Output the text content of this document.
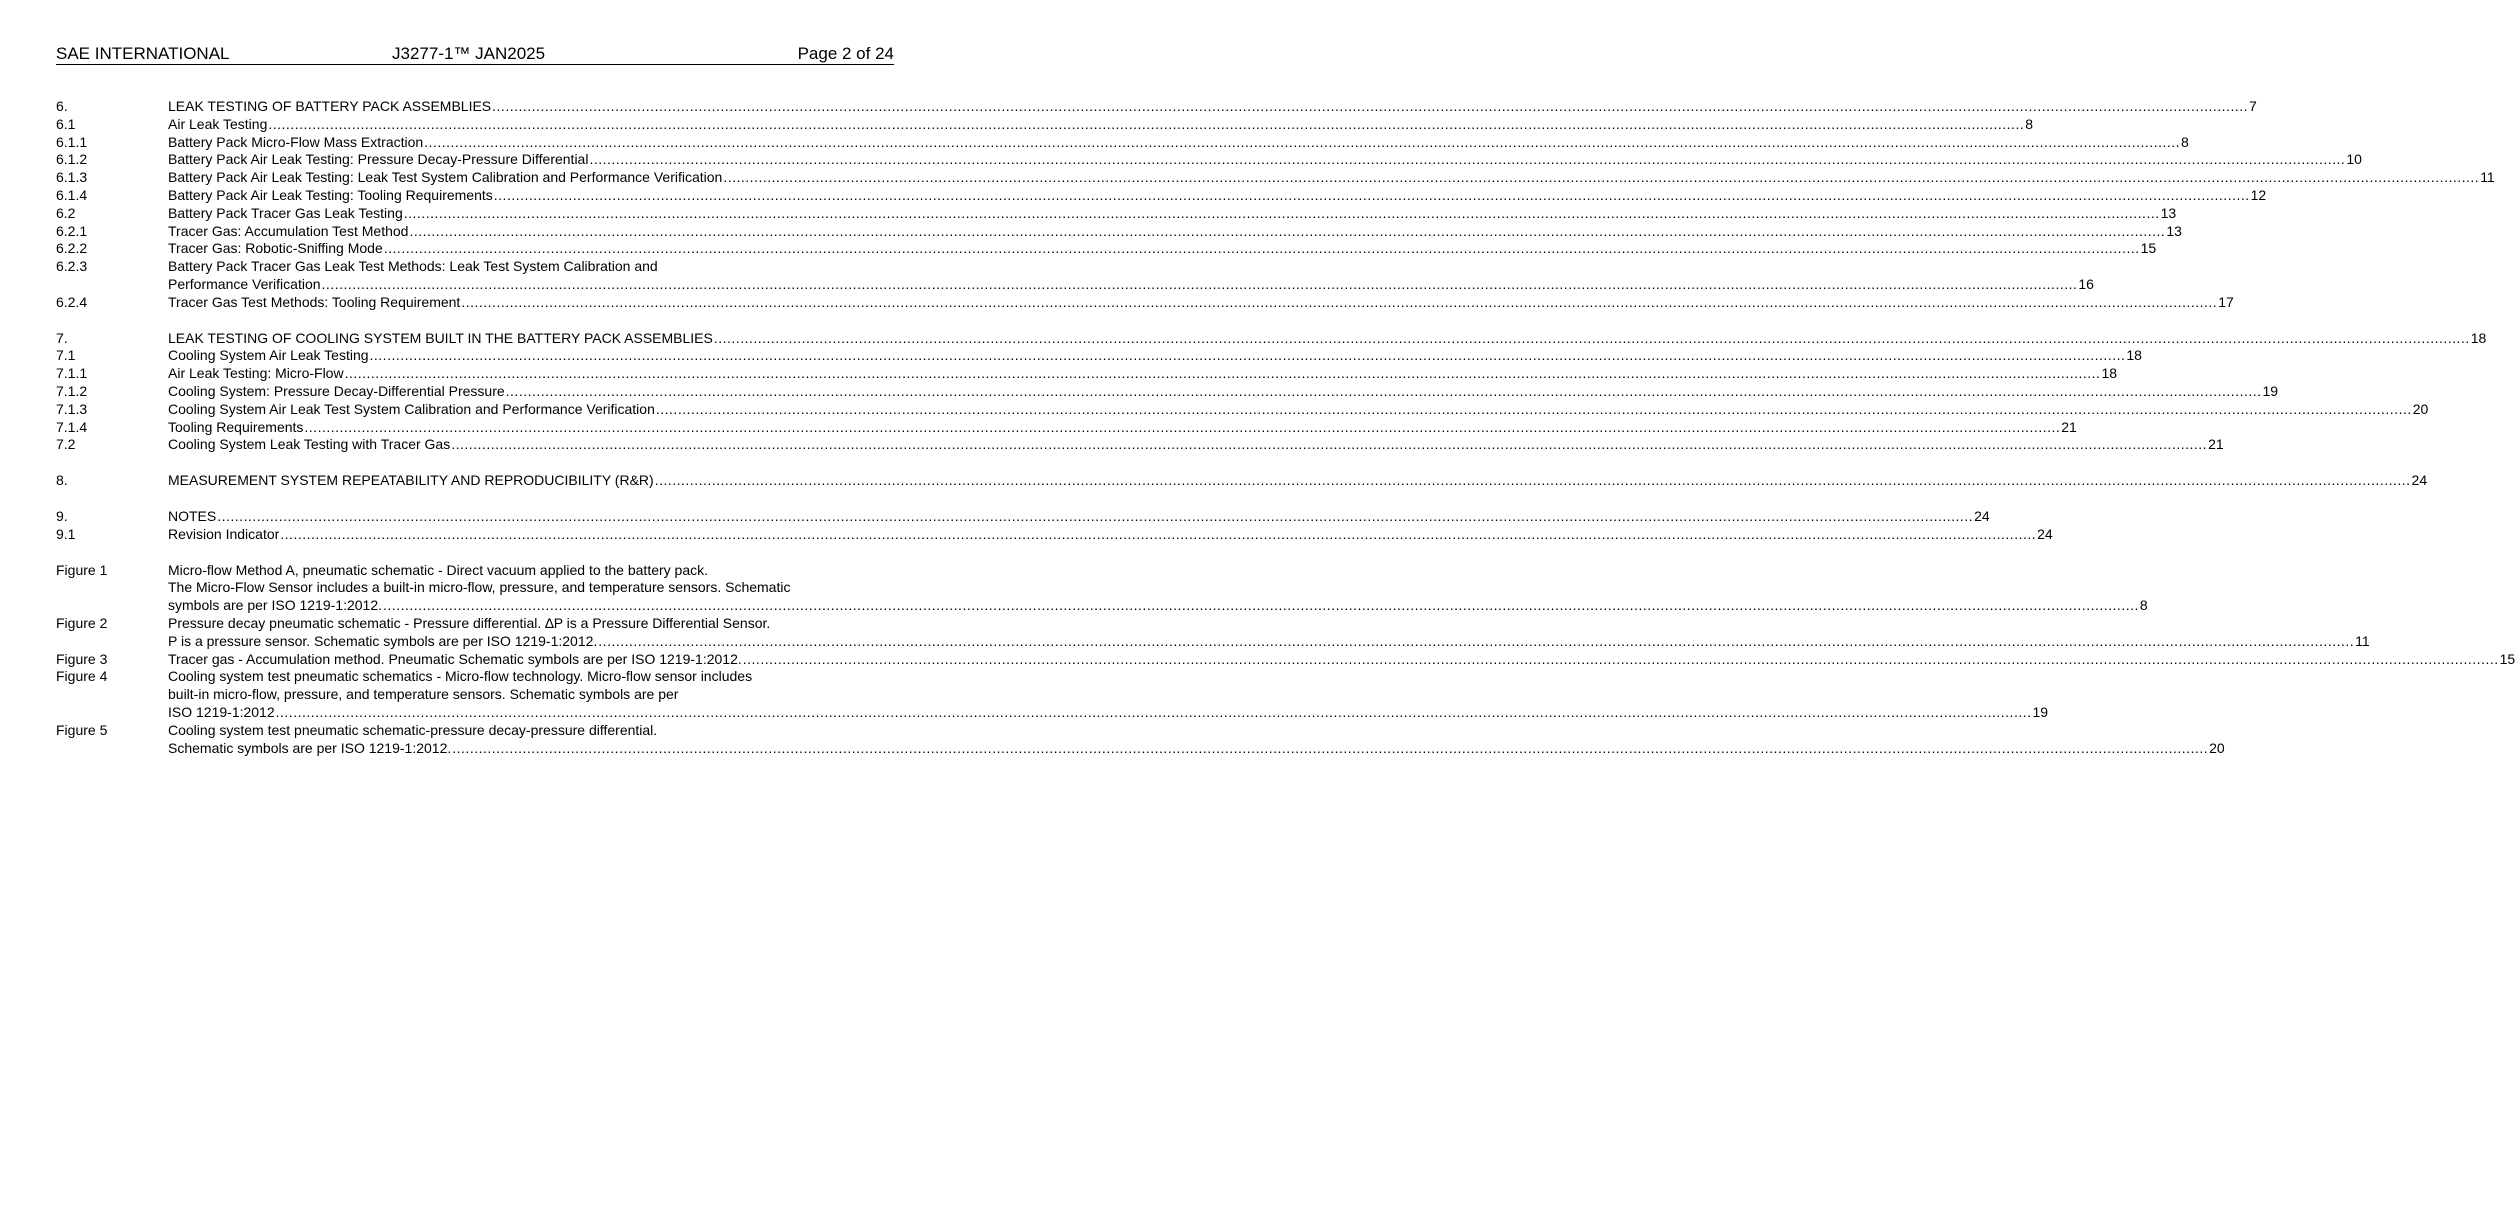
SAE INTERNATIONAL	J3277-1™ JAN2025	Page 2 of 24
6.	LEAK TESTING OF BATTERY PACK ASSEMBLIES ................................................................................................................................................................................................................................................................................................................................................................................................................ 7
6.1	Air Leak Testing ................................................................................................................................................................................................................................................................................................................................................................................................................ 8
6.1.1	Battery Pack Micro-Flow Mass Extraction ................................................................................................................................................................................................................................................................................................................................................................................................................ 8
6.1.2	Battery Pack Air Leak Testing: Pressure Decay-Pressure Differential ................................................................................................................................................................................................................................................................................................................................................................................................................ 10
6.1.3	Battery Pack Air Leak Testing: Leak Test System Calibration and Performance Verification ................................................................................................................................................................................................................................................................................................................................................................................................................ 11
6.1.4	Battery Pack Air Leak Testing: Tooling Requirements ................................................................................................................................................................................................................................................................................................................................................................................................................ 12
6.2	Battery Pack Tracer Gas Leak Testing ................................................................................................................................................................................................................................................................................................................................................................................................................ 13
6.2.1	Tracer Gas: Accumulation Test Method ................................................................................................................................................................................................................................................................................................................................................................................................................ 13
6.2.2	Tracer Gas: Robotic-Sniffing Mode ................................................................................................................................................................................................................................................................................................................................................................................................................ 15
6.2.3	Battery Pack Tracer Gas Leak Test Methods: Leak Test System Calibration and
Performance Verification ................................................................................................................................................................................................................................................................................................................................................................................................................ 16
6.2.4	Tracer Gas Test Methods: Tooling Requirement ................................................................................................................................................................................................................................................................................................................................................................................................................ 17
7.	LEAK TESTING OF COOLING SYSTEM BUILT IN THE BATTERY PACK ASSEMBLIES ................................................................................................................................................................................................................................................................................................................................................................................................................ 18
7.1	Cooling System Air Leak Testing ................................................................................................................................................................................................................................................................................................................................................................................................................ 18
7.1.1	Air Leak Testing: Micro-Flow ................................................................................................................................................................................................................................................................................................................................................................................................................ 18
7.1.2	Cooling System: Pressure Decay-Differential Pressure ................................................................................................................................................................................................................................................................................................................................................................................................................ 19
7.1.3	Cooling System Air Leak Test System Calibration and Performance Verification ................................................................................................................................................................................................................................................................................................................................................................................................................ 20
7.1.4	Tooling Requirements ................................................................................................................................................................................................................................................................................................................................................................................................................ 21
7.2	Cooling System Leak Testing with Tracer Gas ................................................................................................................................................................................................................................................................................................................................................................................................................ 21
8.	MEASUREMENT SYSTEM REPEATABILITY AND REPRODUCIBILITY (R&R) ................................................................................................................................................................................................................................................................................................................................................................................................................ 24
9.	NOTES ................................................................................................................................................................................................................................................................................................................................................................................................................ 24
9.1	Revision Indicator ................................................................................................................................................................................................................................................................................................................................................................................................................ 24
Figure 1	Micro-flow Method A, pneumatic schematic - Direct vacuum applied to the battery pack.
The Micro-Flow Sensor includes a built-in micro-flow, pressure, and temperature sensors. Schematic
symbols are per ISO 1219-1:2012. ................................................................................................................................................................................................................................................................................................................................................................................................................ 8
Figure 2	Pressure decay pneumatic schematic - Pressure differential. ∆P is a Pressure Differential Sensor.
P is a pressure sensor. Schematic symbols are per ISO 1219-1:2012. ................................................................................................................................................................................................................................................................................................................................................................................................................ 11
Figure 3	Tracer gas - Accumulation method. Pneumatic Schematic symbols are per ISO 1219-1:2012. ................................................................................................................................................................................................................................................................................................................................................................................................................ 15
Figure 4	Cooling system test pneumatic schematics - Micro-flow technology. Micro-flow sensor includes
built-in micro-flow, pressure, and temperature sensors. Schematic symbols are per
ISO 1219-1:2012 ................................................................................................................................................................................................................................................................................................................................................................................................................ 19
Figure 5	Cooling system test pneumatic schematic-pressure decay-pressure differential.
Schematic symbols are per ISO 1219-1:2012. ................................................................................................................................................................................................................................................................................................................................................................................................................ 20
